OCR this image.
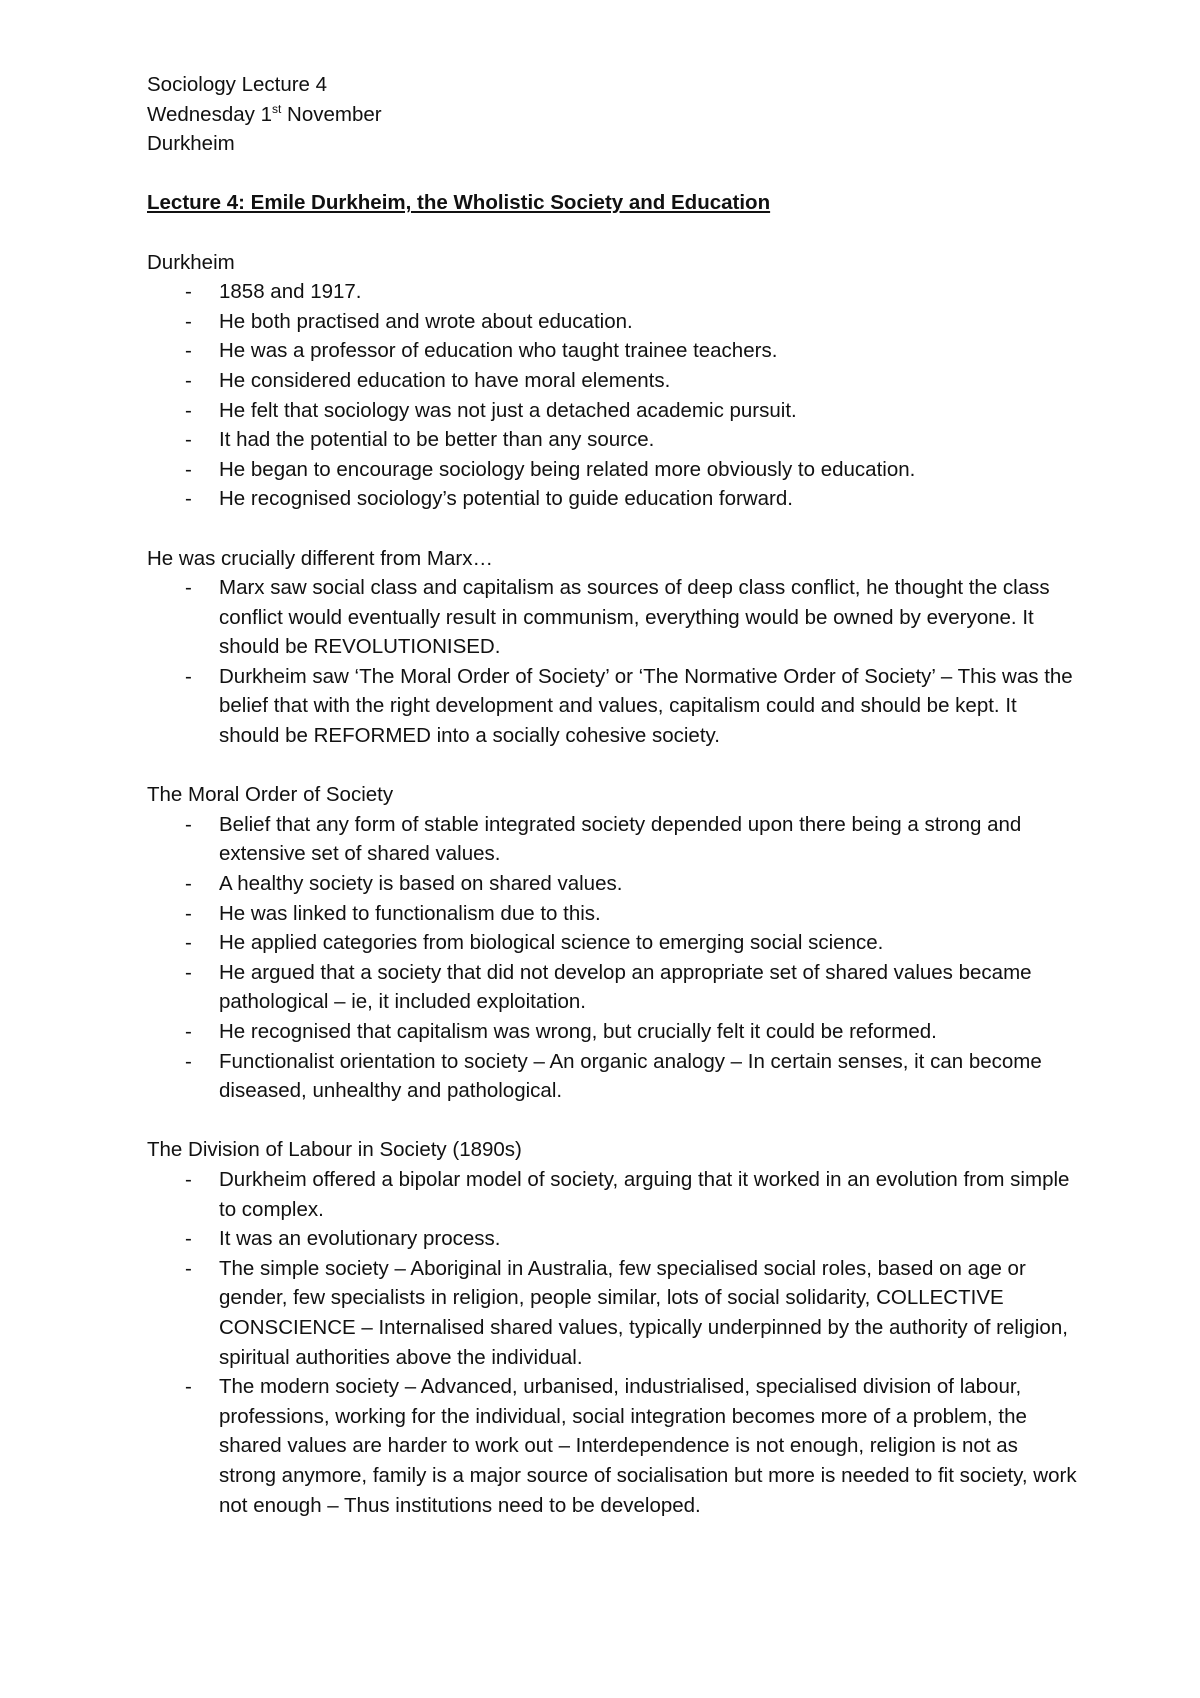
Sociology Lecture 4

Wednesday 1st November

Durkheim

Lecture 4: Emile Durkheim, the Wholistic Society and Education

Durkheim

- 1858 and 1917.
- He both practised and wrote about education.
- He was a professor of education who taught trainee teachers.
- He considered education to have moral elements.
- He felt that sociology was not just a detached academic pursuit.
- It had the potential to be better than any source.
- He began to encourage sociology being related more obviously to education.
- He recognised sociology’s potential to guide education forward.

He was crucially different from Marx…

- Marx saw social class and capitalism as sources of deep class conflict, he thought the class conflict would eventually result in communism, everything would be owned by everyone. It should be REVOLUTIONISED.
- Durkheim saw ‘The Moral Order of Society’ or ‘The Normative Order of Society’ – This was the belief that with the right development and values, capitalism could and should be kept. It should be REFORMED into a socially cohesive society.

The Moral Order of Society

- Belief that any form of stable integrated society depended upon there being a strong and extensive set of shared values.
- A healthy society is based on shared values.
- He was linked to functionalism due to this.
- He applied categories from biological science to emerging social science.
- He argued that a society that did not develop an appropriate set of shared values became pathological – ie, it included exploitation.
- He recognised that capitalism was wrong, but crucially felt it could be reformed.
- Functionalist orientation to society – An organic analogy – In certain senses, it can become diseased, unhealthy and pathological.

The Division of Labour in Society (1890s)

- Durkheim offered a bipolar model of society, arguing that it worked in an evolution from simple to complex.
- It was an evolutionary process.
- The simple society – Aboriginal in Australia, few specialised social roles, based on age or gender, few specialists in religion, people similar, lots of social solidarity, COLLECTIVE CONSCIENCE – Internalised shared values, typically underpinned by the authority of religion, spiritual authorities above the individual.
- The modern society – Advanced, urbanised, industrialised, specialised division of labour, professions, working for the individual, social integration becomes more of a problem, the shared values are harder to work out – Interdependence is not enough, religion is not as strong anymore, family is a major source of socialisation but more is needed to fit society, work not enough – Thus institutions need to be developed.
